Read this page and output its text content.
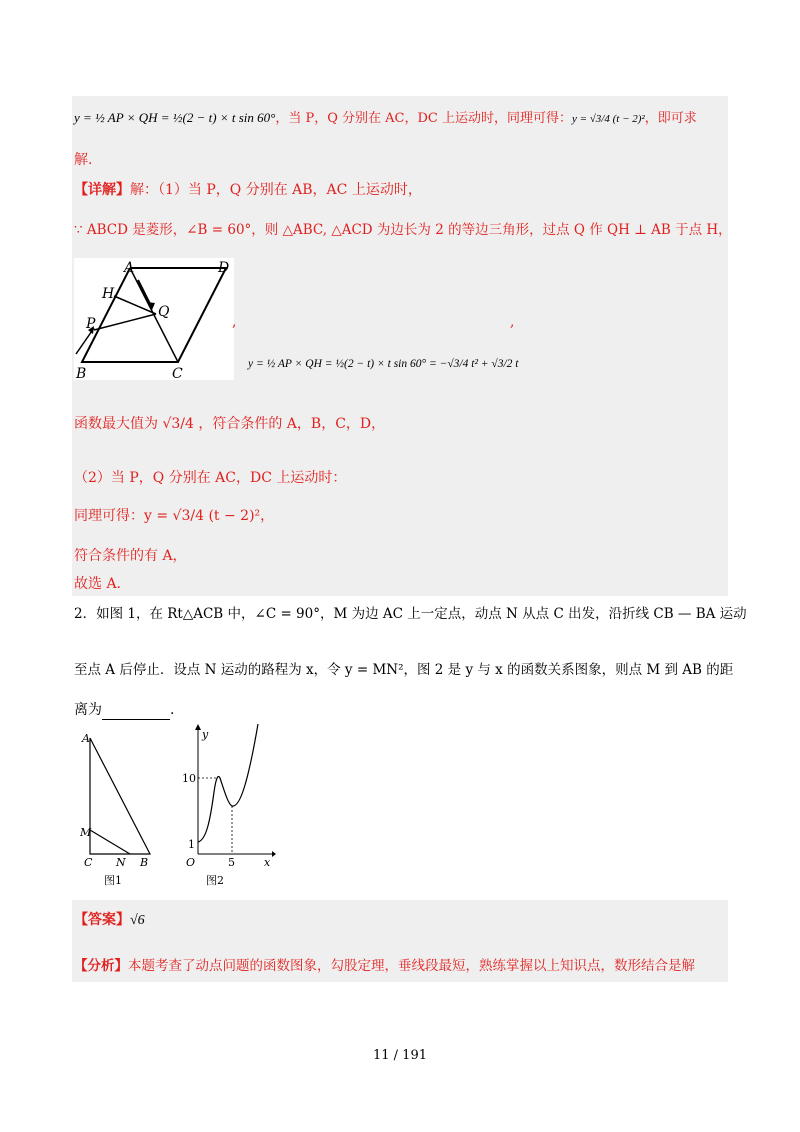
y = ½ AP × QH = ½(2 − t) × t sin 60°，当 P，Q 分别在 AC，DC 上运动时，同理可得：y = √3/4 (t − 2)²，即可求
解.
【详解】解：（1）当 P，Q 分别在 AB，AC 上运动时，
∵ ABCD 是菱形，∠B = 60°，则 △ABC, △ACD 为边长为 2 的等边三角形，过点 Q 作 QH ⊥ AB 于点 H，
A	D
H
Q
P
B	C
,	,
y = ½ AP × QH = ½(2 − t) × t sin 60° = −√3/4 t² + √3/2 t
函数最大值为 √3/4 ，符合条件的 A，B，C，D，
（2）当 P，Q 分别在 AC，DC 上运动时：
同理可得：y = √3/4 (t − 2)²，
符合条件的有 A，
故选 A.
2．如图 1，在 Rt△ACB 中，∠C = 90°，M 为边 AC 上一定点，动点 N 从点 C 出发，沿折线 CB — BA 运动
至点 A 后停止．设点 N 运动的路程为 x，令 y = MN²，图 2 是 y 与 x 的函数关系图象，则点 M 到 AB 的距
离为	.
A
M
C N B
图1
y
x
O
10
1
5
图2
【答案】√6
【分析】本题考查了动点问题的函数图象，勾股定理，垂线段最短，熟练掌握以上知识点，数形结合是解
11 / 191
